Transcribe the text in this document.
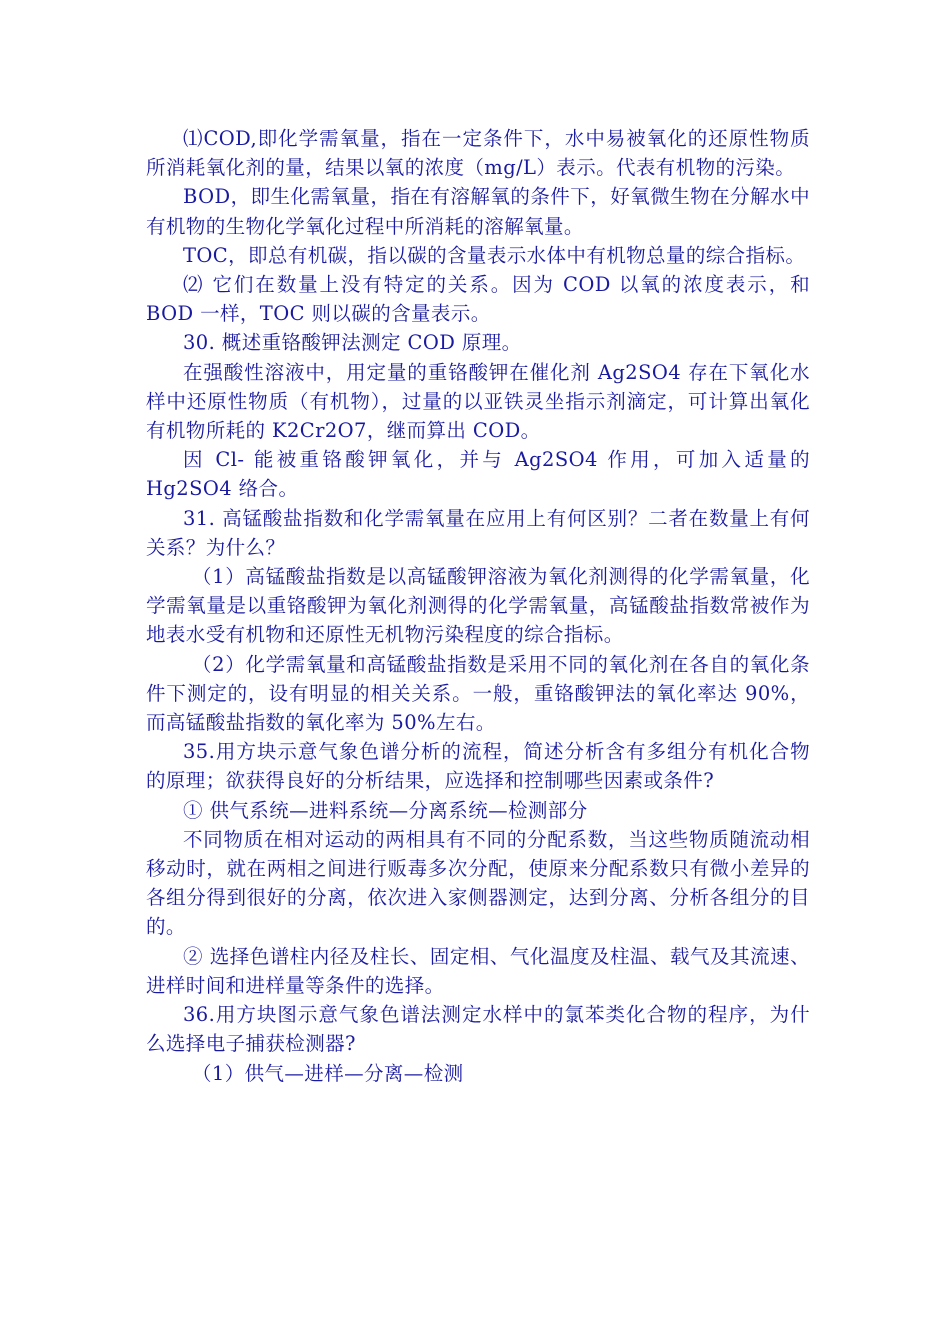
⑴COD,即化学需氧量，指在一定条件下，水中易被氧化的还原性物质所消耗氧化剂的量，结果以氧的浓度（mg/L）表示。代表有机物的污染。

BOD，即生化需氧量，指在有溶解氧的条件下，好氧微生物在分解水中有机物的生物化学氧化过程中所消耗的溶解氧量。

TOC，即总有机碳，指以碳的含量表示水体中有机物总量的综合指标。

⑵ 它们在数量上没有特定的关系。因为 COD 以氧的浓度表示，和 BOD 一样，TOC 则以碳的含量表示。

30. 概述重铬酸钾法测定 COD 原理。

在强酸性溶液中，用定量的重铬酸钾在催化剂 Ag2SO4 存在下氧化水样中还原性物质（有机物），过量的以亚铁灵坐指示剂滴定，可计算出氧化有机物所耗的 K2Cr2O7，继而算出 COD。

因 Cl- 能被重铬酸钾氧化，并与 Ag2SO4 作用，可加入适量的 Hg2SO4 络合。

31. 高锰酸盐指数和化学需氧量在应用上有何区别？二者在数量上有何关系？为什么？

（1）高锰酸盐指数是以高锰酸钾溶液为氧化剂测得的化学需氧量，化学需氧量是以重铬酸钾为氧化剂测得的化学需氧量，高锰酸盐指数常被作为地表水受有机物和还原性无机物污染程度的综合指标。

（2）化学需氧量和高锰酸盐指数是采用不同的氧化剂在各自的氧化条件下测定的，设有明显的相关关系。一般，重铬酸钾法的氧化率达 90%，而高锰酸盐指数的氧化率为 50%左右。

35.用方块示意气象色谱分析的流程，简述分析含有多组分有机化合物的原理；欲获得良好的分析结果，应选择和控制哪些因素或条件?

① 供气系统—进料系统—分离系统—检测部分

不同物质在相对运动的两相具有不同的分配系数，当这些物质随流动相移动时，就在两相之间进行贩毒多次分配，使原来分配系数只有微小差异的各组分得到很好的分离，依次进入家侧器测定，达到分离、分析各组分的目的。

② 选择色谱柱内径及柱长、固定相、气化温度及柱温、载气及其流速、进样时间和进样量等条件的选择。

36.用方块图示意气象色谱法测定水样中的氯苯类化合物的程序，为什么选择电子捕获检测器?

（1）供气—进样—分离—检测
